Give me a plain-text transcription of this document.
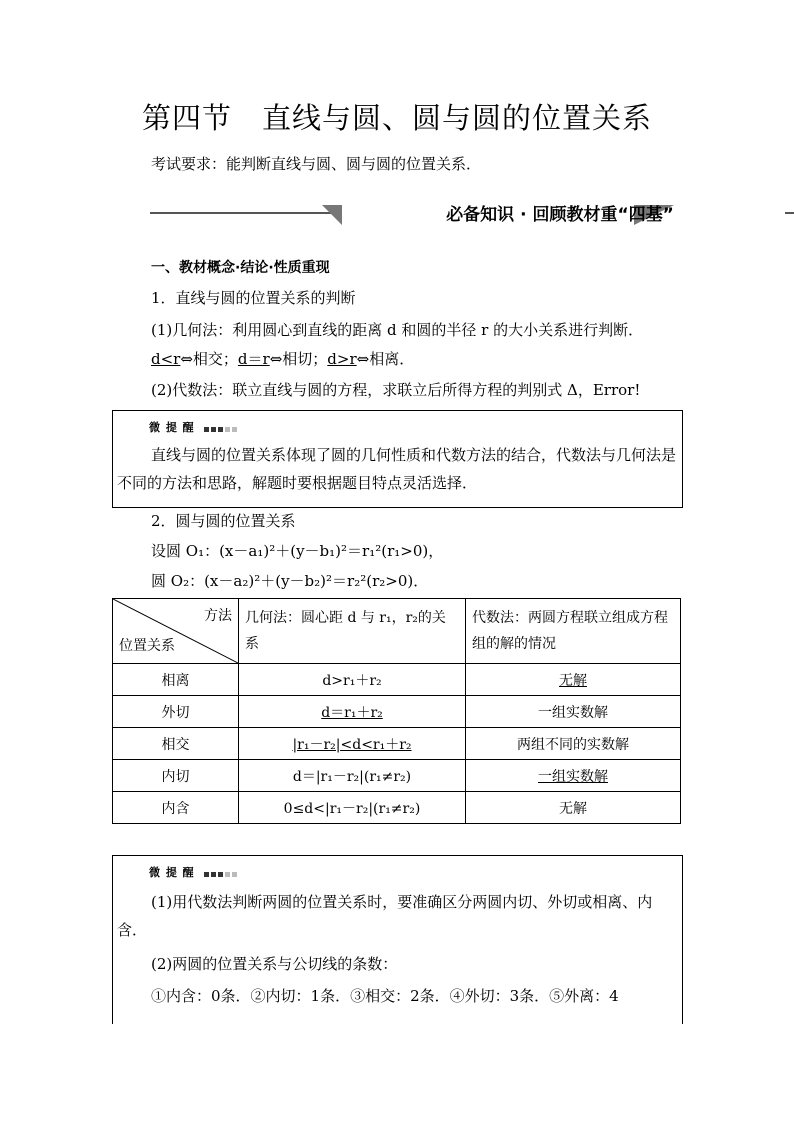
第四节　直线与圆、圆与圆的位置关系
考试要求：能判断直线与圆、圆与圆的位置关系．
必备知识 · 回顾教材重“四基”
一、教材概念·结论·性质重现
1．直线与圆的位置关系的判断
(1)几何法：利用圆心到直线的距离 d 和圆的半径 r 的大小关系进行判断．
d<r⇔相交；d＝r⇔相切；d>r⇔相离．
(2)代数法：联立直线与圆的方程，求联立后所得方程的判别式 Δ，Error!
微 提 醒
直线与圆的位置关系体现了圆的几何性质和代数方法的结合，代数法与几何法是不同的方法和思路，解题时要根据题目特点灵活选择．
2．圆与圆的位置关系
设圆 O₁：(x－a₁)²＋(y－b₁)²＝r₁²(r₁>0)，
圆 O₂：(x－a₂)²＋(y－b₂)²＝r₂²(r₂>0)．
方法
位置关系	几何法：圆心距 d 与 r₁，r₂的关系	代数法：两圆方程联立组成方程组的解的情况
相离	d>r₁＋r₂	无解
外切	d＝r₁＋r₂	一组实数解
相交	|r₁－r₂|<d<r₁＋r₂	两组不同的实数解
内切	d＝|r₁－r₂|(r₁≠r₂)	一组实数解
内含	0≤d<|r₁－r₂|(r₁≠r₂)	无解
微 提 醒
(1)用代数法判断两圆的位置关系时，要准确区分两圆内切、外切或相离、内含．
(2)两圆的位置关系与公切线的条数：
①内含：0条．②内切：1条．③相交：2条．④外切：3条．⑤外离：4
